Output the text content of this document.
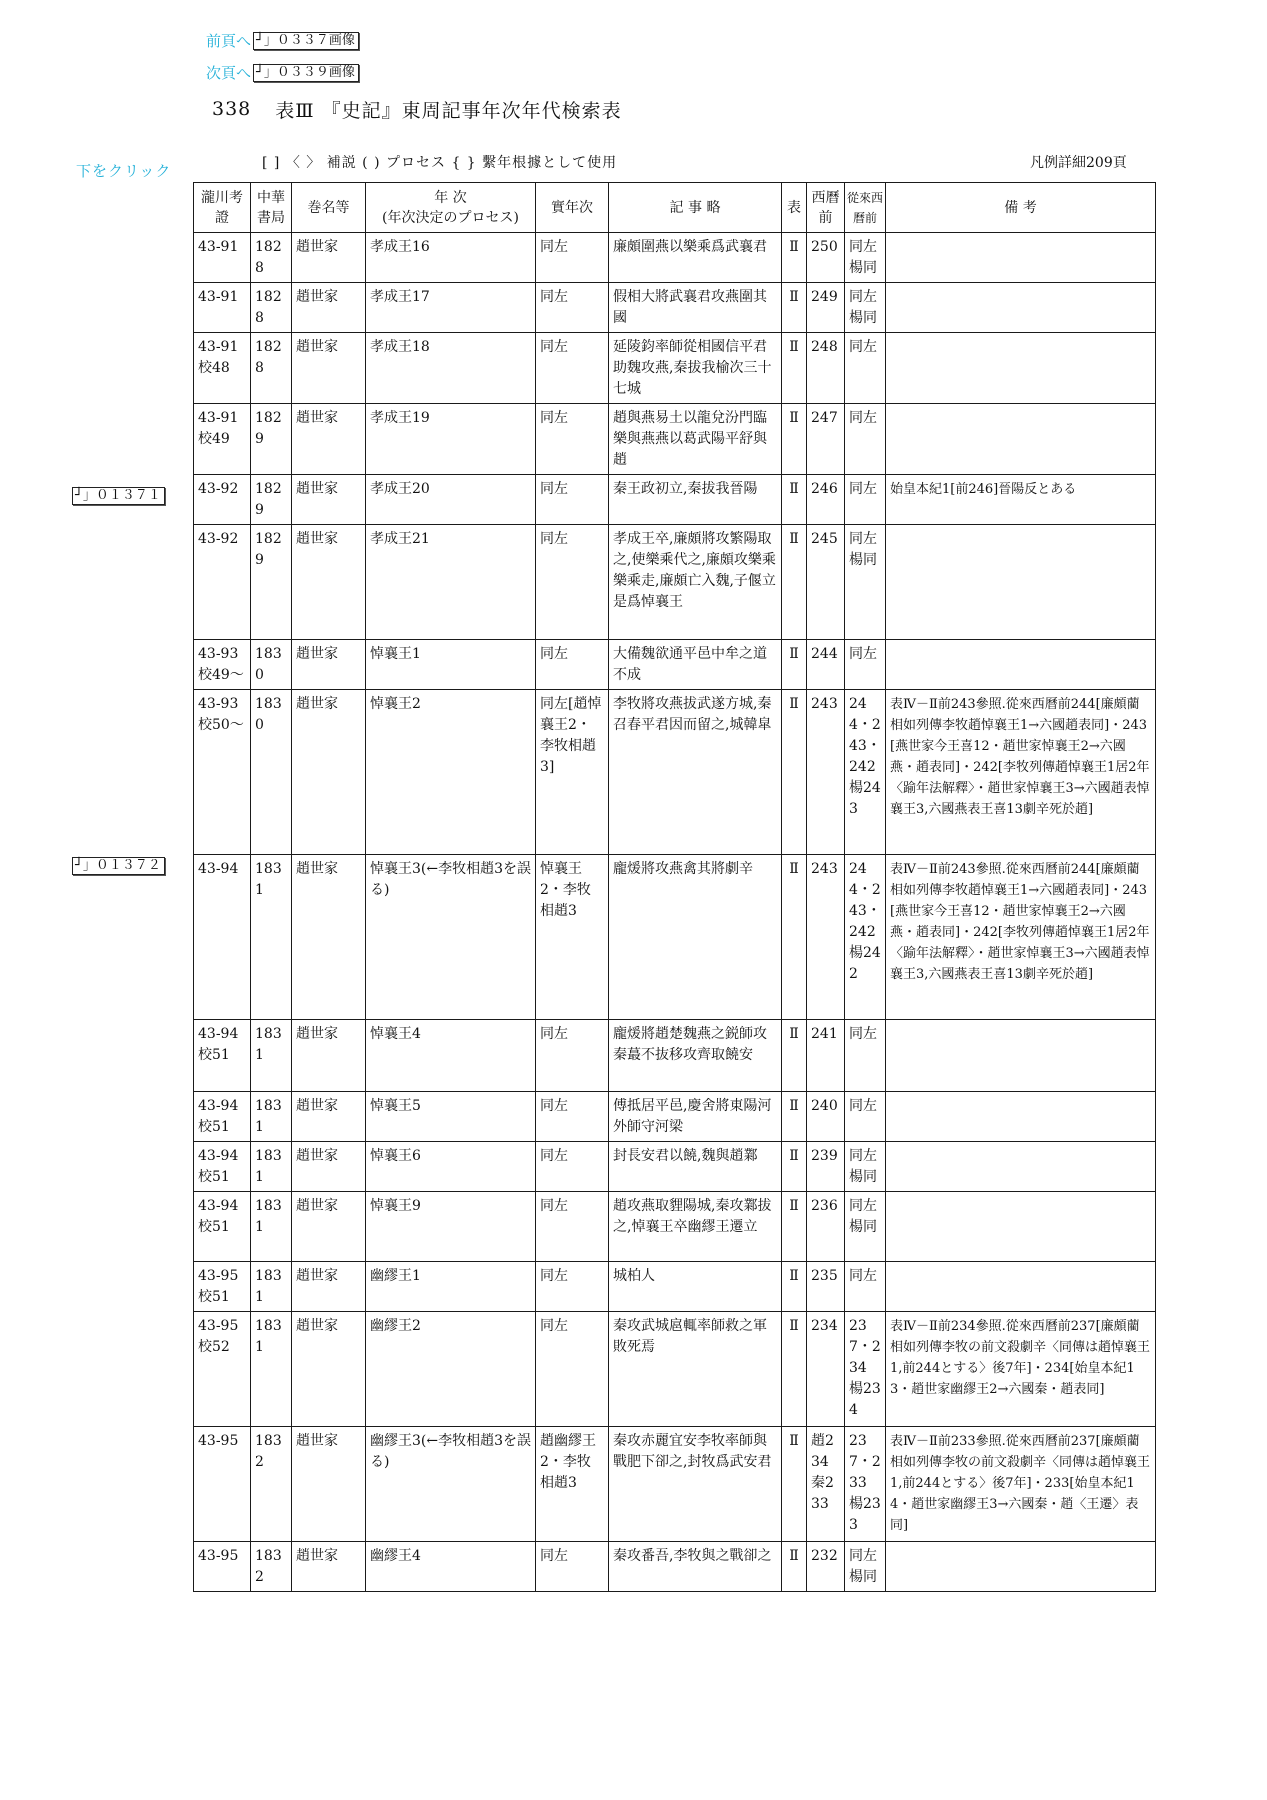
前頁へ ┘」０３３７画像
次頁へ ┘」０３３９画像
338 表Ⅲ 『史記』東周記事年次年代検索表
下をクリック	[ ] 〈 〉 補説 ( ) プロセス { } 繫年根據として使用	凡例詳細209頁
┘」０１３７１
┘」０１３７２
瀧川考證	中華書局	巻名等	年 次
(年次決定のプロセス)	實年次	記 事 略	表	西曆前	從來西曆前	備 考
43-91	1828	趙世家	孝成王16	同左	廉頗圍燕以樂乘爲武襄君	Ⅱ	250	同左楊同	
43-91	1828	趙世家	孝成王17	同左	假相大將武襄君攻燕圍其國	Ⅱ	249	同左楊同	
43-91 校48	1828	趙世家	孝成王18	同左	延陵鈞率師從相國信平君助魏攻燕,秦拔我榆次三十七城	Ⅱ	248	同左	
43-91 校49	1829	趙世家	孝成王19	同左	趙與燕易土以龍兌汾門臨樂與燕燕以葛武陽平舒與趙	Ⅱ	247	同左	
43-92	1829	趙世家	孝成王20	同左	秦王政初立,秦拔我晉陽	Ⅱ	246	同左	始皇本紀1[前246]晉陽反とある
43-92	1829	趙世家	孝成王21	同左	孝成王卒,廉頗將攻繁陽取之,使樂乘代之,廉頗攻樂乘樂乘走,廉頗亡入魏,子偃立是爲悼襄王	Ⅱ	245	同左楊同	
43-93 校49〜	1830	趙世家	悼襄王1	同左	大備魏欲通平邑中牟之道不成	Ⅱ	244	同左	
43-93 校50〜	1830	趙世家	悼襄王2	同左[趙悼襄王2・李牧相趙3]	李牧將攻燕拔武遂方城,秦召春平君因而留之,城韓皐	Ⅱ	243	244・243・242 楊243	表Ⅳ－Ⅱ前243參照.從來西曆前244[廉頗藺相如列傳李牧趙悼襄王1→六國趙表同]・243[燕世家今王喜12・趙世家悼襄王2→六國燕・趙表同]・242[李牧列傳趙悼襄王1居2年〈踰年法解釋〉・趙世家悼襄王3→六國趙表悼襄王3,六國燕表王喜13劇辛死於趙]
43-94	1831	趙世家	悼襄王3(←李牧相趙3を誤る)	悼襄王2・李牧相趙3	龐煖將攻燕禽其將劇辛	Ⅱ	243	244・243・242 楊242	表Ⅳ－Ⅱ前243參照.從來西曆前244[廉頗藺相如列傳李牧趙悼襄王1→六國趙表同]・243[燕世家今王喜12・趙世家悼襄王2→六國燕・趙表同]・242[李牧列傳趙悼襄王1居2年〈踰年法解釋〉・趙世家悼襄王3→六國趙表悼襄王3,六國燕表王喜13劇辛死於趙]
43-94 校51	1831	趙世家	悼襄王4	同左	龐煖將趙楚魏燕之鋭師攻秦蕞不抜移攻齊取饒安	Ⅱ	241	同左	
43-94 校51	1831	趙世家	悼襄王5	同左	傅抵居平邑,慶舍將東陽河外師守河梁	Ⅱ	240	同左	
43-94 校51	1831	趙世家	悼襄王6	同左	封長安君以饒,魏與趙鄴	Ⅱ	239	同左楊同	
43-94 校51	1831	趙世家	悼襄王9	同左	趙攻燕取貍陽城,秦攻鄴拔之,悼襄王卒幽繆王遷立	Ⅱ	236	同左楊同	
43-95 校51	1831	趙世家	幽繆王1	同左	城柏人	Ⅱ	235	同左	
43-95 校52	1831	趙世家	幽繆王2	同左	秦攻武城扈輒率師救之軍敗死焉	Ⅱ	234	237・234 楊234	表Ⅳ－Ⅱ前234參照.從來西曆前237[廉頗藺相如列傳李牧の前文殺劇辛〈同傳は趙悼襄王1,前244とする〉後7年]・234[始皇本紀13・趙世家幽繆王2→六國秦・趙表同]
43-95	1832	趙世家	幽繆王3(←李牧相趙3を誤る)	趙幽繆王2・李牧相趙3	秦攻赤麗宜安李牧率師與戰肥下卻之,封牧爲武安君	Ⅱ	趙234 秦233	237・233 楊233	表Ⅳ－Ⅱ前233參照.從來西曆前237[廉頗藺相如列傳李牧の前文殺劇辛〈同傳は趙悼襄王1,前244とする〉後7年]・233[始皇本紀14・趙世家幽繆王3→六國秦・趙〈王遷〉表同]
43-95	1832	趙世家	幽繆王4	同左	秦攻番吾,李牧與之戰卻之	Ⅱ	232	同左楊同	
